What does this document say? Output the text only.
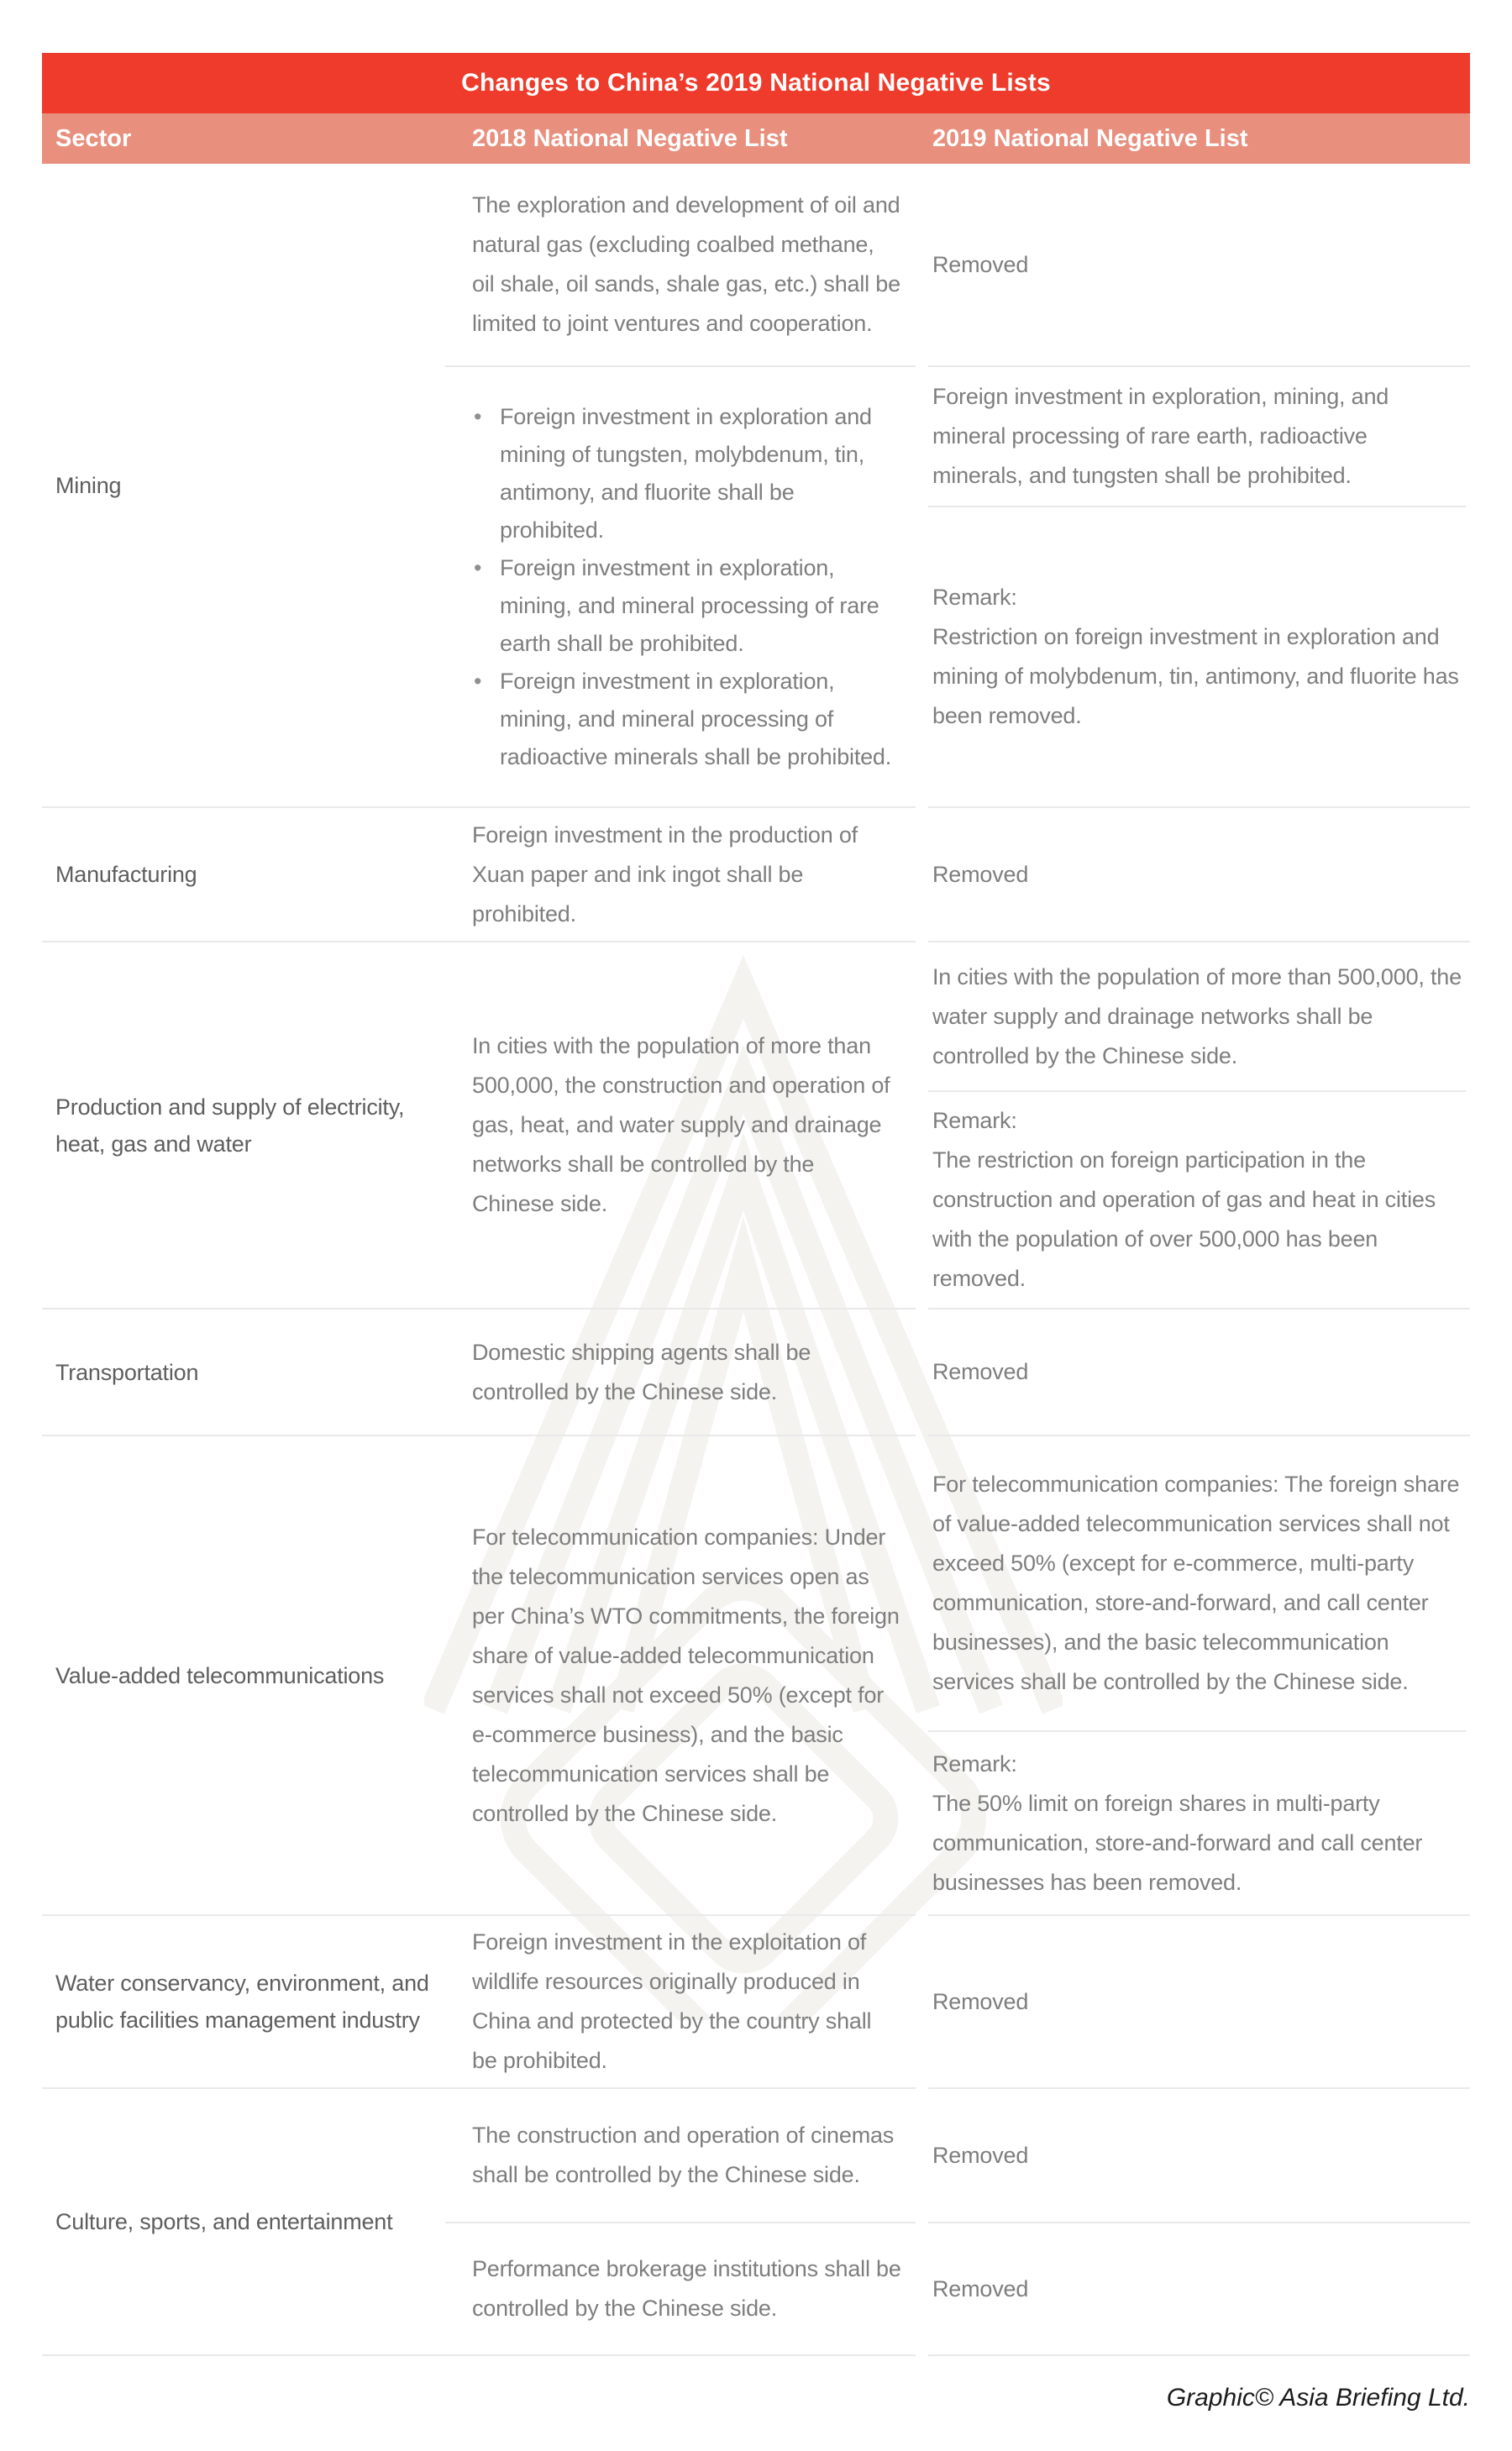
Changes to China’s 2019 National Negative Lists
Sector	2018 National Negative List	2019 National Negative List
Mining
The exploration and development of oil and natural gas (excluding coalbed methane, oil shale, oil sands, shale gas, etc.) shall be limited to joint ventures and cooperation.
Removed
• Foreign investment in exploration and mining of tungsten, molybdenum, tin, antimony, and fluorite shall be prohibited.
• Foreign investment in exploration, mining, and mineral processing of rare earth shall be prohibited.
• Foreign investment in exploration, mining, and mineral processing of radioactive minerals shall be prohibited.
Foreign investment in exploration, mining, and mineral processing of rare earth, radioactive minerals, and tungsten shall be prohibited.
Remark:
Restriction on foreign investment in exploration and mining of molybdenum, tin, antimony, and fluorite has been removed.
Manufacturing
Foreign investment in the production of Xuan paper and ink ingot shall be prohibited.
Removed
Production and supply of electricity, heat, gas and water
In cities with the population of more than 500,000, the construction and operation of gas, heat, and water supply and drainage networks shall be controlled by the Chinese side.
In cities with the population of more than 500,000, the water supply and drainage networks shall be controlled by the Chinese side.
Remark:
The restriction on foreign participation in the construction and operation of gas and heat in cities with the population of over 500,000 has been removed.
Transportation
Domestic shipping agents shall be controlled by the Chinese side.
Removed
Value-added telecommunications
For telecommunication companies: Under the telecommunication services open as per China’s WTO commitments, the foreign share of value-added telecommunication services shall not exceed 50% (except for e-commerce business), and the basic telecommunication services shall be controlled by the Chinese side.
For telecommunication companies: The foreign share of value-added telecommunication services shall not exceed 50% (except for e-commerce, multi-party communication, store-and-forward, and call center businesses), and the basic telecommunication services shall be controlled by the Chinese side.
Remark:
The 50% limit on foreign shares in multi-party communication, store-and-forward and call center businesses has been removed.
Water conservancy, environment, and public facilities management industry
Foreign investment in the exploitation of wildlife resources originally produced in China and protected by the country shall be prohibited.
Removed
Culture, sports, and entertainment
The construction and operation of cinemas shall be controlled by the Chinese side.
Removed
Performance brokerage institutions shall be controlled by the Chinese side.
Removed
Graphic© Asia Briefing Ltd.
